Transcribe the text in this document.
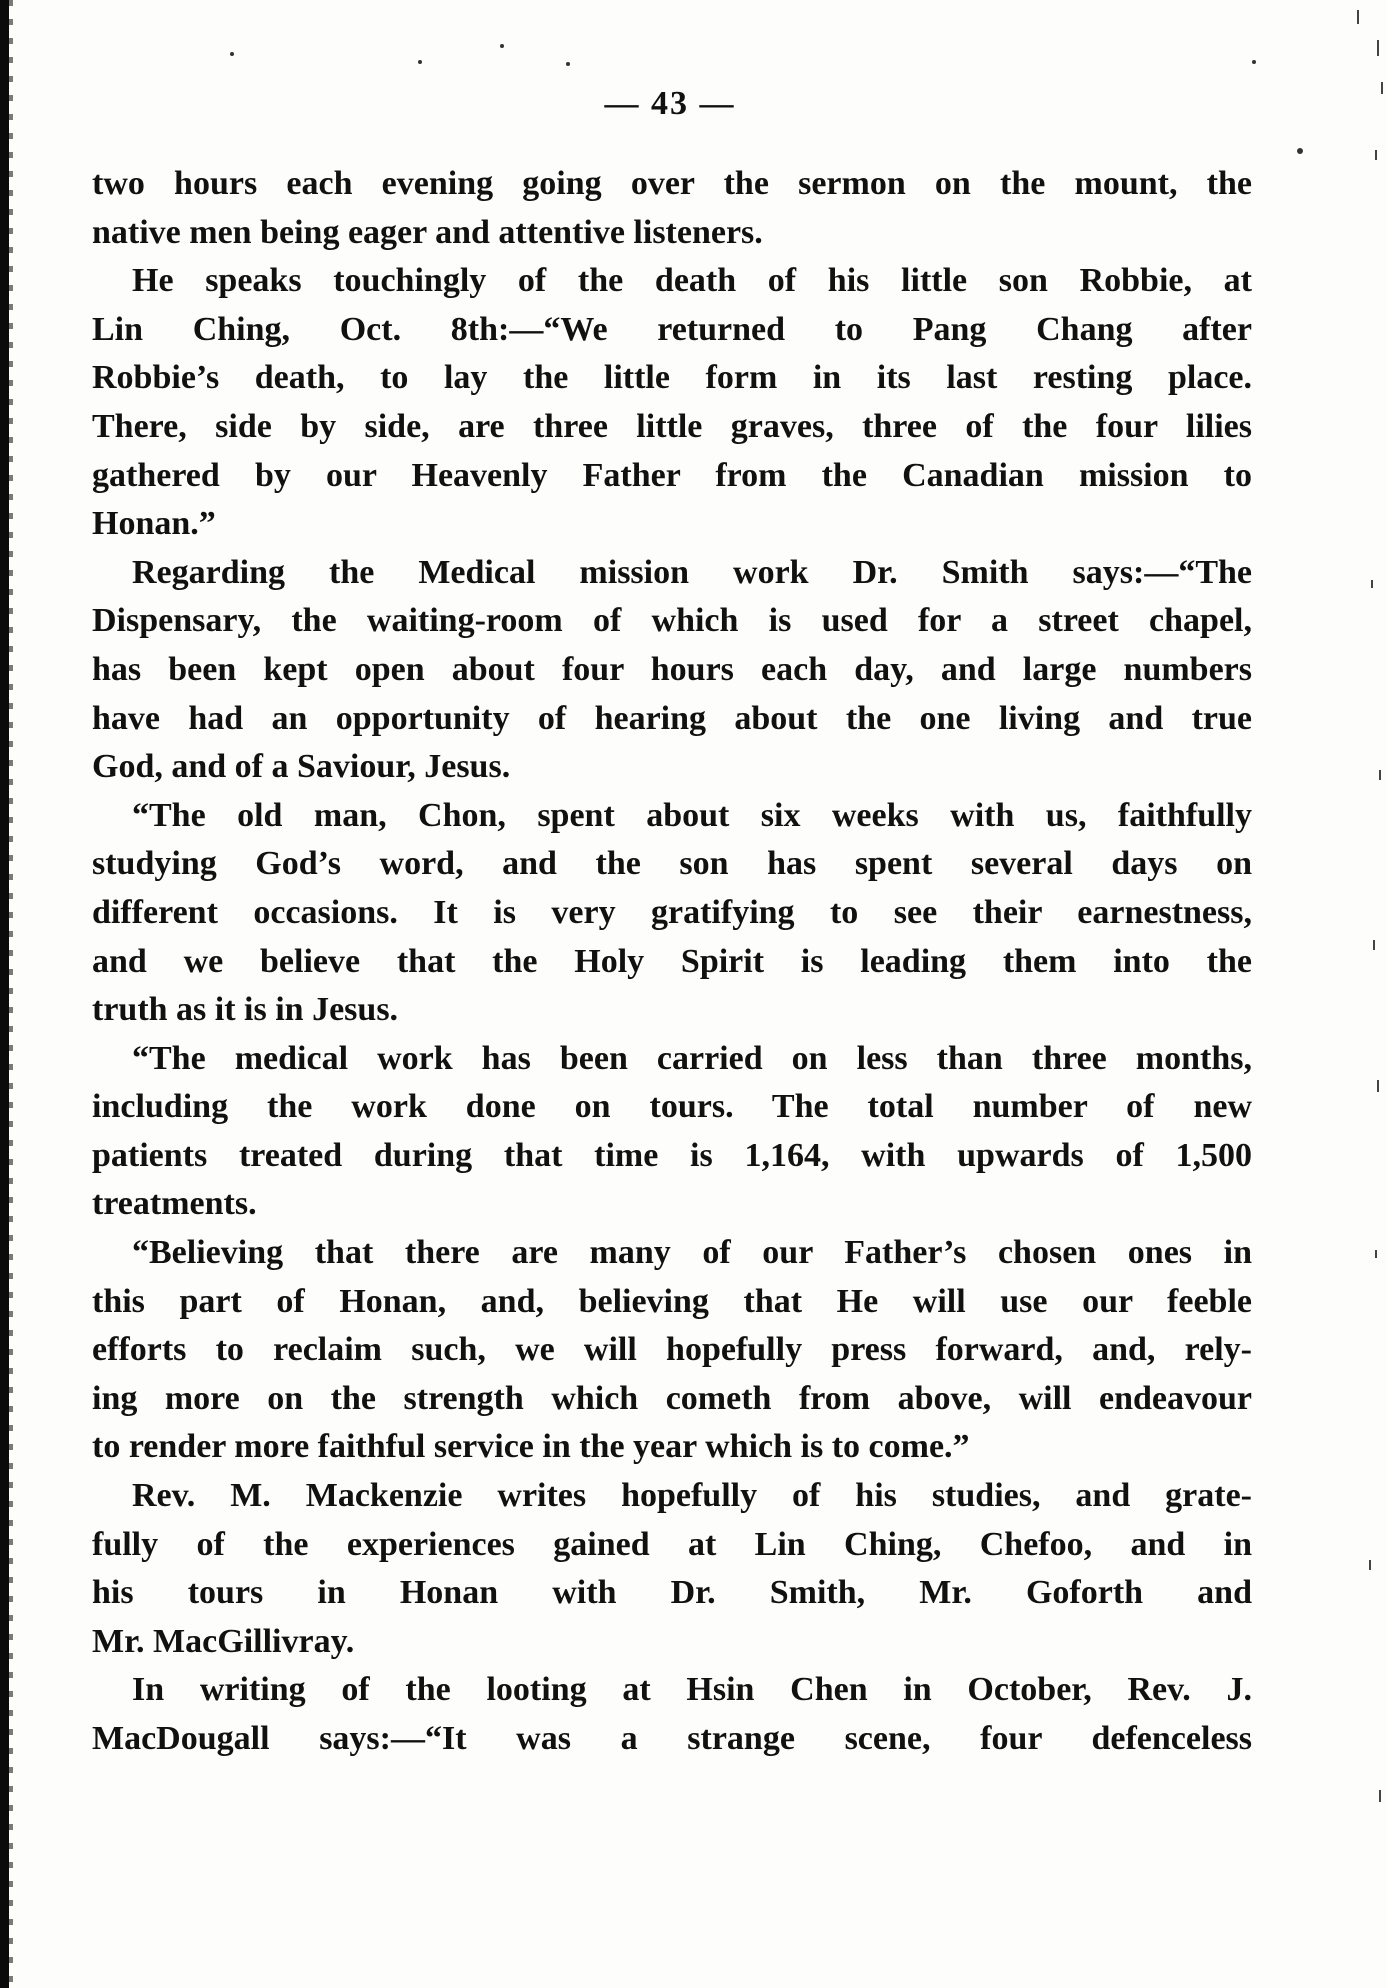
— 43 —
two hours each evening going over the sermon on the mount, the
native men being eager and attentive listeners.
He speaks touchingly of the death of his little son Robbie, at
Lin Ching, Oct. 8th:—“We returned to Pang Chang after
Robbie’s death, to lay the little form in its last resting place.
There, side by side, are three little graves, three of the four lilies
gathered by our Heavenly Father from the Canadian mission to
Honan.”
Regarding the Medical mission work Dr. Smith says:—“The
Dispensary, the waiting-room of which is used for a street chapel,
has been kept open about four hours each day, and large numbers
have had an opportunity of hearing about the one living and true
God, and of a Saviour, Jesus.
“The old man, Chon, spent about six weeks with us, faithfully
studying God’s word, and the son has spent several days on
different occasions. It is very gratifying to see their earnestness,
and we believe that the Holy Spirit is leading them into the
truth as it is in Jesus.
“The medical work has been carried on less than three months,
including the work done on tours. The total number of new
patients treated during that time is 1,164, with upwards of 1,500
treatments.
“Believing that there are many of our Father’s chosen ones in
this part of Honan, and, believing that He will use our feeble
efforts to reclaim such, we will hopefully press forward, and, rely-
ing more on the strength which cometh from above, will endeavour
to render more faithful service in the year which is to come.”
Rev. M. Mackenzie writes hopefully of his studies, and grate-
fully of the experiences gained at Lin Ching, Chefoo, and in
his tours in Honan with Dr. Smith, Mr. Goforth and
Mr. MacGillivray.
In writing of the looting at Hsin Chen in October, Rev. J.
MacDougall says:—“It was a strange scene, four defenceless
